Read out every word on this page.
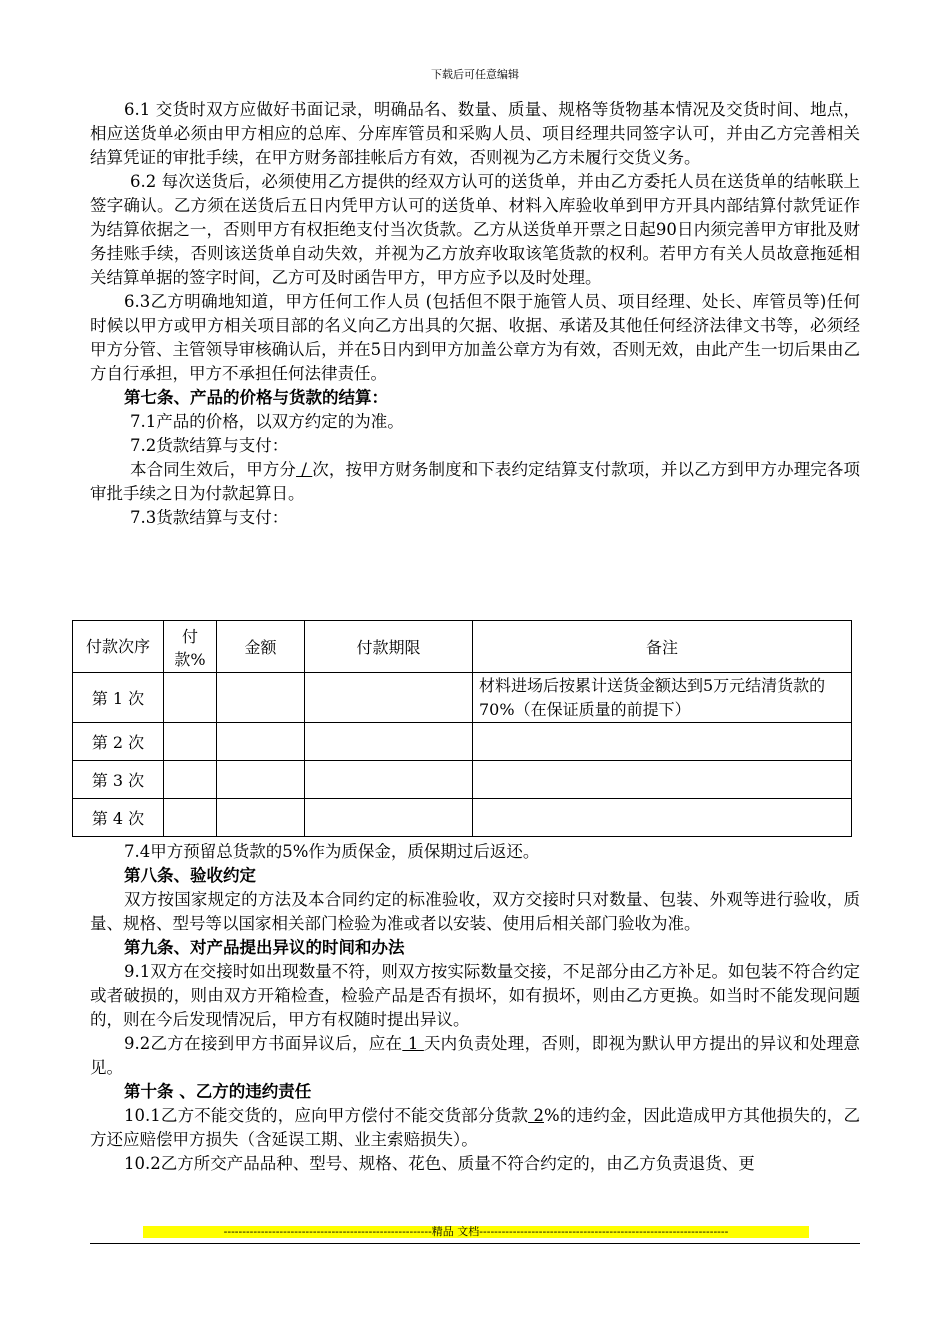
下载后可任意编辑

6.1 交货时双方应做好书面记录，明确品名、数量、质量、规格等货物基本情况及交货时间、地点，相应送货单必须由甲方相应的总库、分库库管员和采购人员、项目经理共同签字认可，并由乙方完善相关结算凭证的审批手续，在甲方财务部挂帐后方有效，否则视为乙方未履行交货义务。

6.2 每次送货后，必须使用乙方提供的经双方认可的送货单，并由乙方委托人员在送货单的结帐联上签字确认。乙方须在送货后五日内凭甲方认可的送货单、材料入库验收单到甲方开具内部结算付款凭证作为结算依据之一，否则甲方有权拒绝支付当次货款。乙方从送货单开票之日起90日内须完善甲方审批及财务挂账手续，否则该送货单自动失效，并视为乙方放弃收取该笔货款的权利。若甲方有关人员故意拖延相关结算单据的签字时间，乙方可及时函告甲方，甲方应予以及时处理。

6.3乙方明确地知道，甲方任何工作人员 (包括但不限于施管人员、项目经理、处长、库管员等)任何时候以甲方或甲方相关项目部的名义向乙方出具的欠据、收据、承诺及其他任何经济法律文书等，必须经甲方分管、主管领导审核确认后，并在5日内到甲方加盖公章方为有效，否则无效，由此产生一切后果由乙方自行承担，甲方不承担任何法律责任。

第七条、产品的价格与货款的结算：

7.1产品的价格，以双方约定的为准。

7.2货款结算与支付：

本合同生效后，甲方分 / 次，按甲方财务制度和下表约定结算支付款项，并以乙方到甲方办理完各项审批手续之日为付款起算日。

7.3货款结算与支付：

付款次序	付款%	金额	付款期限	备注
第 1 次				材料进场后按累计送货金额达到5万元结清货款的70%（在保证质量的前提下）
第 2 次				
第 3 次				
第 4 次				

7.4甲方预留总货款的5%作为质保金，质保期过后返还。

第八条、验收约定

双方按国家规定的方法及本合同约定的标准验收，双方交接时只对数量、包装、外观等进行验收，质量、规格、型号等以国家相关部门检验为准或者以安装、使用后相关部门验收为准。

第九条、对产品提出异议的时间和办法

9.1双方在交接时如出现数量不符，则双方按实际数量交接，不足部分由乙方补足。如包装不符合约定或者破损的，则由双方开箱检查，检验产品是否有损坏，如有损坏，则由乙方更换。如当时不能发现问题的，则在今后发现情况后，甲方有权随时提出异议。

9.2乙方在接到甲方书面异议后，应在 1 天内负责处理，否则，即视为默认甲方提出的异议和处理意见。

第十条 、乙方的违约责任

10.1乙方不能交货的，应向甲方偿付不能交货部分货款 2%的违约金，因此造成甲方其他损失的，乙方还应赔偿甲方损失（含延误工期、业主索赔损失）。

10.2乙方所交产品品种、型号、规格、花色、质量不符合约定的，由乙方负责退货、更

--------------------------------------------------------精品 文档-------------------------------------------------------------------
